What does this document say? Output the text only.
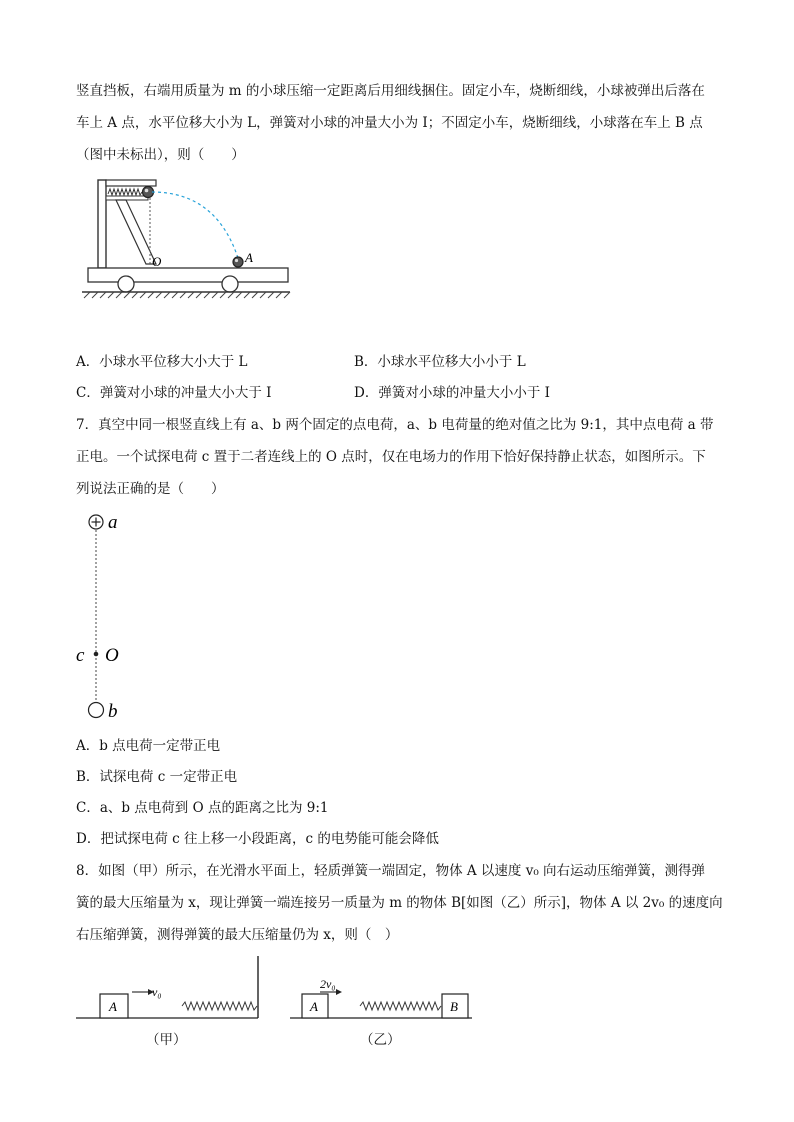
竖直挡板，右端用质量为 m 的小球压缩一定距离后用细线捆住。固定小车，烧断细线，小球被弹出后落在
车上 A 点，水平位移大小为 L，弹簧对小球的冲量大小为 I；不固定小车，烧断细线，小球落在车上 B 点
（图中未标出），则（　　）
O	A
A．小球水平位移大小大于 L	B．小球水平位移大小小于 L
C．弹簧对小球的冲量大小大于 I	D．弹簧对小球的冲量大小小于 I
7．真空中同一根竖直线上有 a、b 两个固定的点电荷，a、b 电荷量的绝对值之比为 9:1，其中点电荷 a 带
正电。一个试探电荷 c 置于二者连线上的 O 点时，仅在电场力的作用下恰好保持静止状态，如图所示。下
列说法正确的是（　　）
a
c O
b
A．b 点电荷一定带正电
B．试探电荷 c 一定带正电
C．a、b 点电荷到 O 点的距离之比为 9:1
D．把试探电荷 c 往上移一小段距离，c 的电势能可能会降低
8．如图（甲）所示，在光滑水平面上，轻质弹簧一端固定，物体 A 以速度 v₀ 向右运动压缩弹簧，测得弹
簧的最大压缩量为 x，现让弹簧一端连接另一质量为 m 的物体 B[如图（乙）所示]，物体 A 以 2v₀ 的速度向
右压缩弹簧，测得弹簧的最大压缩量仍为 x，则（　）
A
v₀
（甲）
A
2v₀
B
（乙）
